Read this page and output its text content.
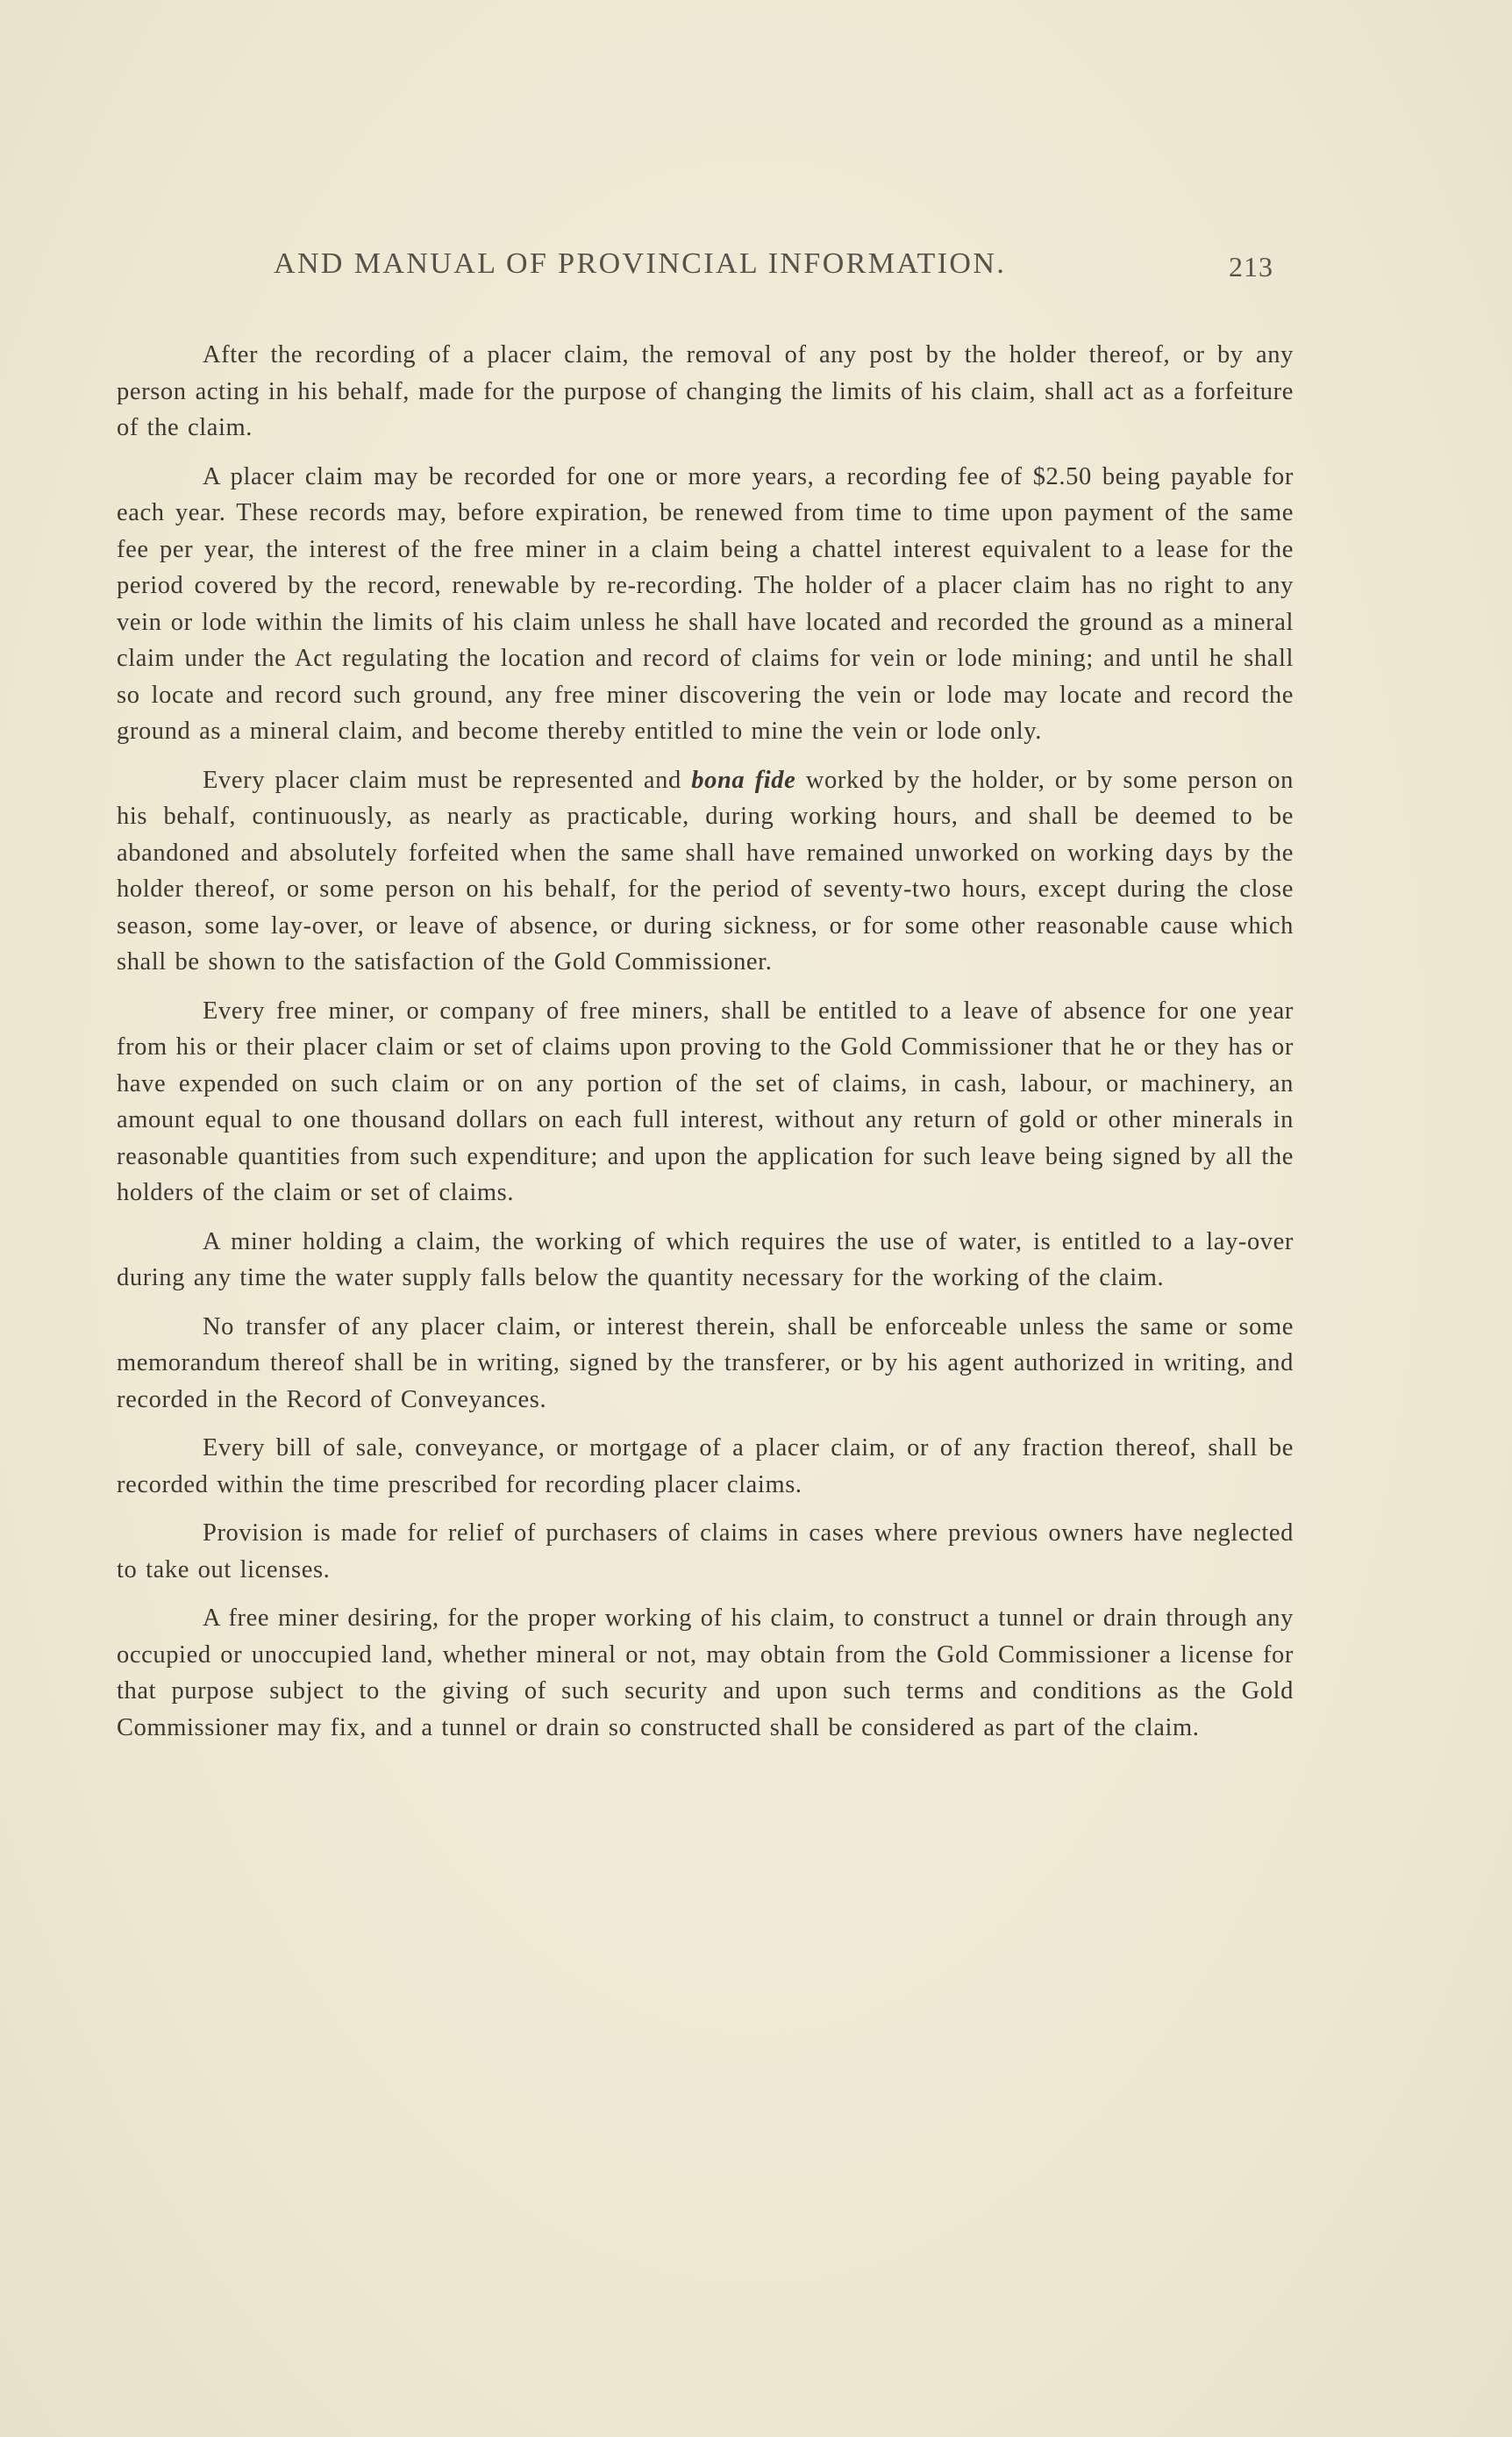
AND MANUAL OF PROVINCIAL INFORMATION.	213

After the recording of a placer claim, the removal of any post by the holder thereof, or by any person acting in his behalf, made for the purpose of changing the limits of his claim, shall act as a forfeiture of the claim.

A placer claim may be recorded for one or more years, a recording fee of $2.50 being payable for each year. These records may, before expiration, be renewed from time to time upon payment of the same fee per year, the interest of the free miner in a claim being a chattel interest equivalent to a lease for the period covered by the record, renewable by re-recording. The holder of a placer claim has no right to any vein or lode within the limits of his claim unless he shall have located and recorded the ground as a mineral claim under the Act regulating the location and record of claims for vein or lode mining; and until he shall so locate and record such ground, any free miner discovering the vein or lode may locate and record the ground as a mineral claim, and become thereby entitled to mine the vein or lode only.

Every placer claim must be represented and bona fide worked by the holder, or by some person on his behalf, continuously, as nearly as practicable, during working hours, and shall be deemed to be abandoned and absolutely forfeited when the same shall have remained unworked on working days by the holder thereof, or some person on his behalf, for the period of seventy-two hours, except during the close season, some lay-over, or leave of absence, or during sickness, or for some other reasonable cause which shall be shown to the satisfaction of the Gold Commissioner.

Every free miner, or company of free miners, shall be entitled to a leave of absence for one year from his or their placer claim or set of claims upon proving to the Gold Commissioner that he or they has or have expended on such claim or on any portion of the set of claims, in cash, labour, or machinery, an amount equal to one thousand dollars on each full interest, without any return of gold or other minerals in reasonable quantities from such expenditure; and upon the application for such leave being signed by all the holders of the claim or set of claims.

A miner holding a claim, the working of which requires the use of water, is entitled to a lay-over during any time the water supply falls below the quantity necessary for the working of the claim.

No transfer of any placer claim, or interest therein, shall be enforceable unless the same or some memorandum thereof shall be in writing, signed by the transferer, or by his agent authorized in writing, and recorded in the Record of Conveyances.

Every bill of sale, conveyance, or mortgage of a placer claim, or of any fraction thereof, shall be recorded within the time prescribed for recording placer claims.

Provision is made for relief of purchasers of claims in cases where previous owners have neglected to take out licenses.

A free miner desiring, for the proper working of his claim, to construct a tunnel or drain through any occupied or unoccupied land, whether mineral or not, may obtain from the Gold Commissioner a license for that purpose subject to the giving of such security and upon such terms and conditions as the Gold Commissioner may fix, and a tunnel or drain so constructed shall be considered as part of the claim.
